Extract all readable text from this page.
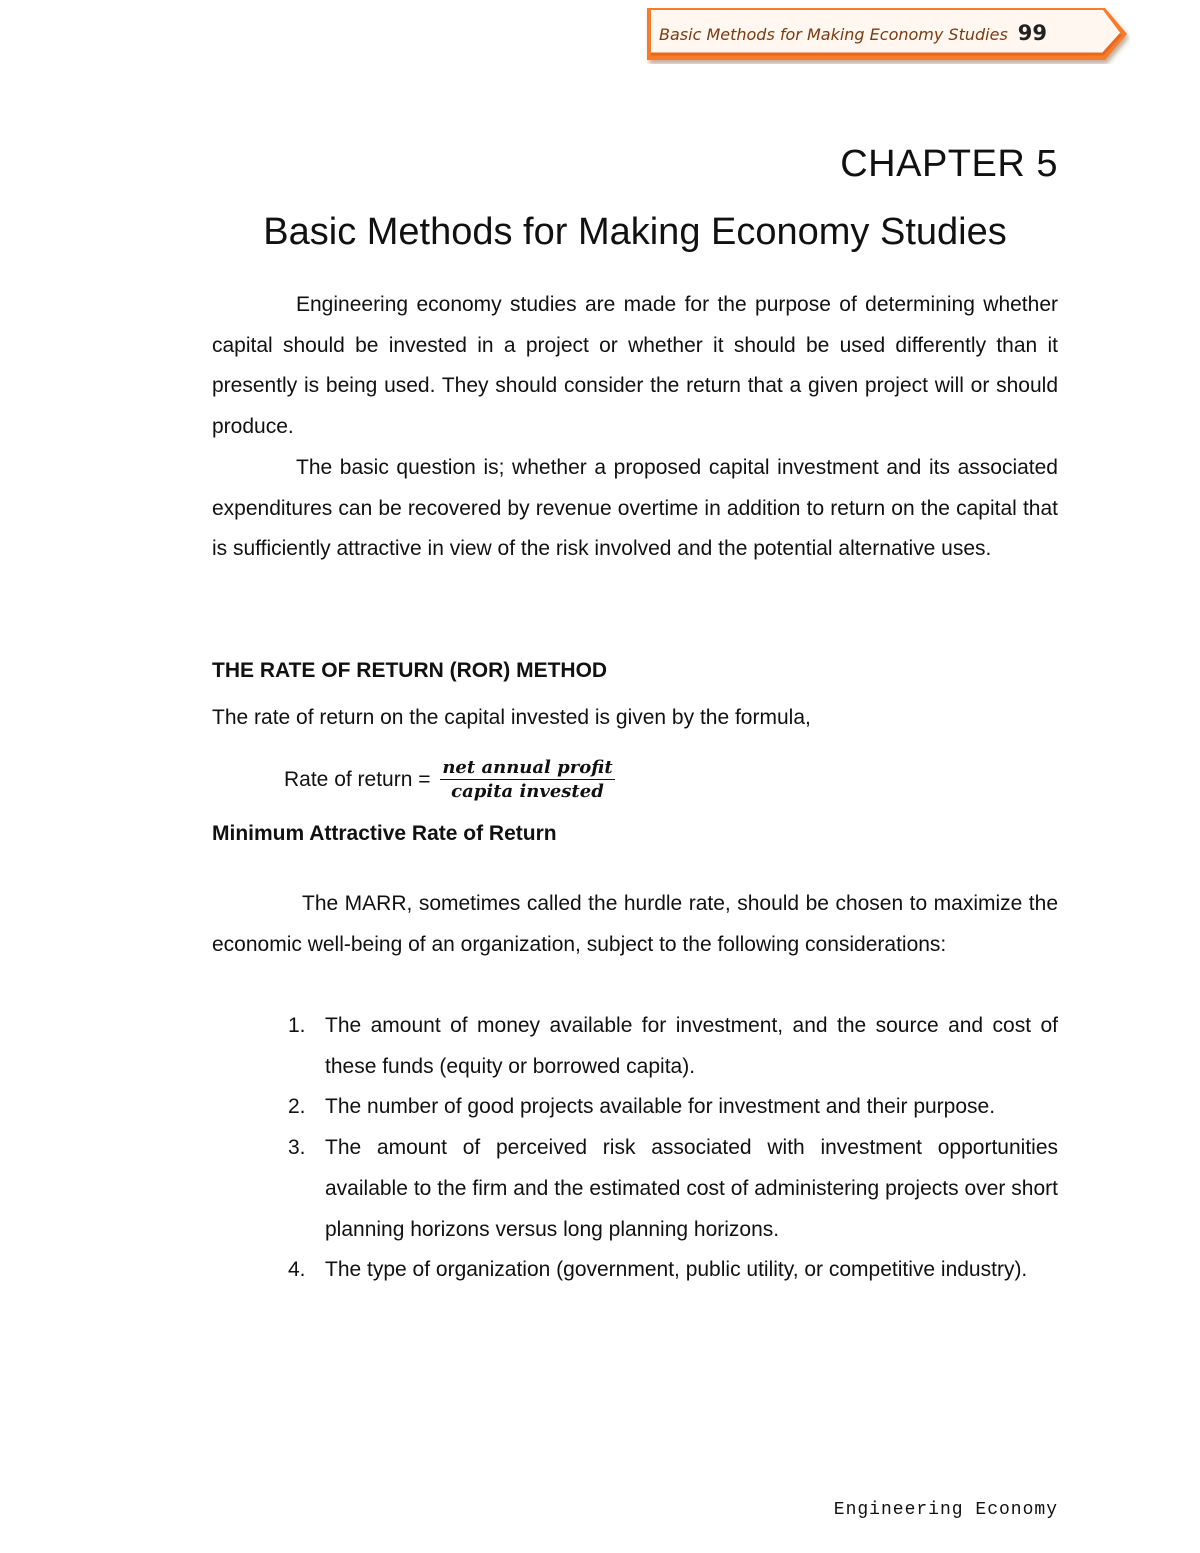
Basic Methods for Making Economy Studies 99
CHAPTER 5
Basic Methods for Making Economy Studies

Engineering economy studies are made for the purpose of determining whether capital should be invested in a project or whether it should be used differently than it presently is being used. They should consider the return that a given project will or should produce.

The basic question is; whether a proposed capital investment and its associated expenditures can be recovered by revenue overtime in addition to return on the capital that is sufficiently attractive in view of the risk involved and the potential alternative uses.

THE RATE OF RETURN (ROR) METHOD

The rate of return on the capital invested is given by the formula,

Rate of return = $\frac{\text{net annual profit}}{\text{capita invested}}$

Minimum Attractive Rate of Return

The MARR, sometimes called the hurdle rate, should be chosen to maximize the economic well-being of an organization, subject to the following considerations:

1. The amount of money available for investment, and the source and cost of these funds (equity or borrowed capita).
2. The number of good projects available for investment and their purpose.
3. The amount of perceived risk associated with investment opportunities available to the firm and the estimated cost of administering projects over short planning horizons versus long planning horizons.
4. The type of organization (government, public utility, or competitive industry).
Engineering Economy
